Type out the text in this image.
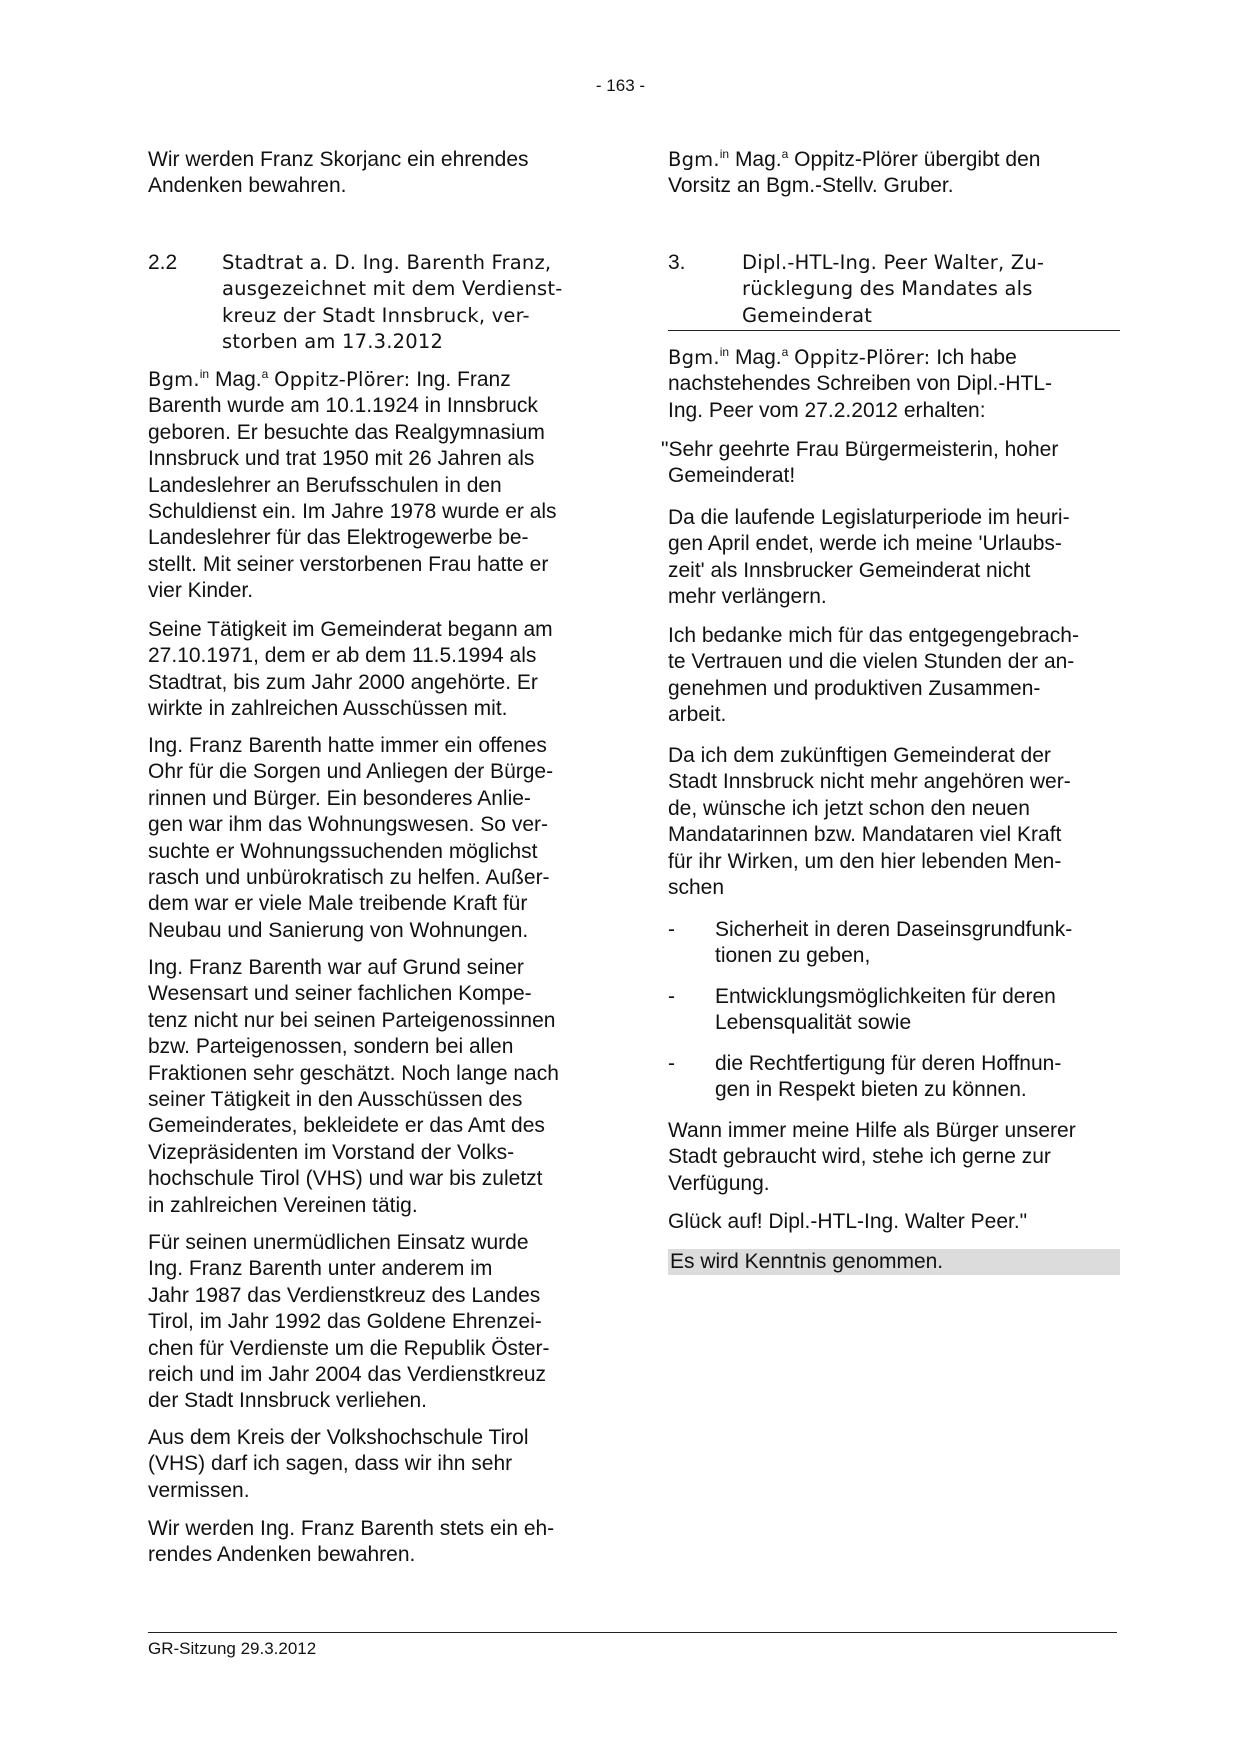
- 163 -

Wir werden Franz Skorjanc ein ehrendes Andenken bewahren.

2.2	Stadtrat a. D. Ing. Barenth Franz,
ausgezeichnet mit dem Verdienst-
kreuz der Stadt Innsbruck, ver-
storben am 17.3.2012
Bgm.$^{in}$ Mag.$^a$ Oppitz-Plörer: Ing. Franz
Barenth wurde am 10.1.1924 in Innsbruck
geboren. Er besuchte das Realgymnasium
Innsbruck und trat 1950 mit 26 Jahren als
Landeslehrer an Berufsschulen in den
Schuldienst ein. Im Jahre 1978 wurde er als
Landeslehrer für das Elektrogewerbe be-
stellt. Mit seiner verstorbenen Frau hatte er
vier Kinder.
Seine Tätigkeit im Gemeinderat begann am
27.10.1971, dem er ab dem 11.5.1994 als
Stadtrat, bis zum Jahr 2000 angehörte. Er
wirkte in zahlreichen Ausschüssen mit.
Ing. Franz Barenth hatte immer ein offenes
Ohr für die Sorgen und Anliegen der Bürge-
rinnen und Bürger. Ein besonderes Anlie-
gen war ihm das Wohnungswesen. So ver-
suchte er Wohnungssuchenden möglichst
rasch und unbürokratisch zu helfen. Außer-
dem war er viele Male treibende Kraft für
Neubau und Sanierung von Wohnungen.
Ing. Franz Barenth war auf Grund seiner
Wesensart und seiner fachlichen Kompe-
tenz nicht nur bei seinen Parteigenossinnen
bzw. Parteigenossen, sondern bei allen
Fraktionen sehr geschätzt. Noch lange nach
seiner Tätigkeit in den Ausschüssen des
Gemeinderates, bekleidete er das Amt des
Vizepräsidenten im Vorstand der Volks-
hochschule Tirol (VHS) und war bis zuletzt
in zahlreichen Vereinen tätig.
Für seinen unermüdlichen Einsatz wurde
Ing. Franz Barenth unter anderem im
Jahr 1987 das Verdienstkreuz des Landes
Tirol, im Jahr 1992 das Goldene Ehrenzei-
chen für Verdienste um die Republik Öster-
reich und im Jahr 2004 das Verdienstkreuz
der Stadt Innsbruck verliehen.
Aus dem Kreis der Volkshochschule Tirol
(VHS) darf ich sagen, dass wir ihn sehr
vermissen.
Wir werden Ing. Franz Barenth stets ein eh-
rendes Andenken bewahren.
Bgm.$^{in}$ Mag.$^a$ Oppitz-Plörer übergibt den
Vorsitz an Bgm.-Stellv. Gruber.
3.	Dipl.-HTL-Ing. Peer Walter, Zu-
rücklegung des Mandates als
Gemeinderat
Bgm.$^{in}$ Mag.$^a$ Oppitz-Plörer: Ich habe
nachstehendes Schreiben von Dipl.-HTL-
Ing. Peer vom 27.2.2012 erhalten:
"Sehr geehrte Frau Bürgermeisterin, hoher
Gemeinderat!
Da die laufende Legislaturperiode im heuri-
gen April endet, werde ich meine 'Urlaubs-
zeit' als Innsbrucker Gemeinderat nicht
mehr verlängern.
Ich bedanke mich für das entgegengebrach-
te Vertrauen und die vielen Stunden der an-
genehmen und produktiven Zusammen-
arbeit.
Da ich dem zukünftigen Gemeinderat der
Stadt Innsbruck nicht mehr angehören wer-
de, wünsche ich jetzt schon den neuen
Mandatarinnen bzw. Mandataren viel Kraft
für ihr Wirken, um den hier lebenden Men-
schen
-	Sicherheit in deren Daseinsgrundfunk-
tionen zu geben,
-	Entwicklungsmöglichkeiten für deren
Lebensqualität sowie
-	die Rechtfertigung für deren Hoffnun-
gen in Respekt bieten zu können.
Wann immer meine Hilfe als Bürger unserer
Stadt gebraucht wird, stehe ich gerne zur
Verfügung.
Glück auf! Dipl.-HTL-Ing. Walter Peer."
Es wird Kenntnis genommen.
GR-Sitzung 29.3.2012
